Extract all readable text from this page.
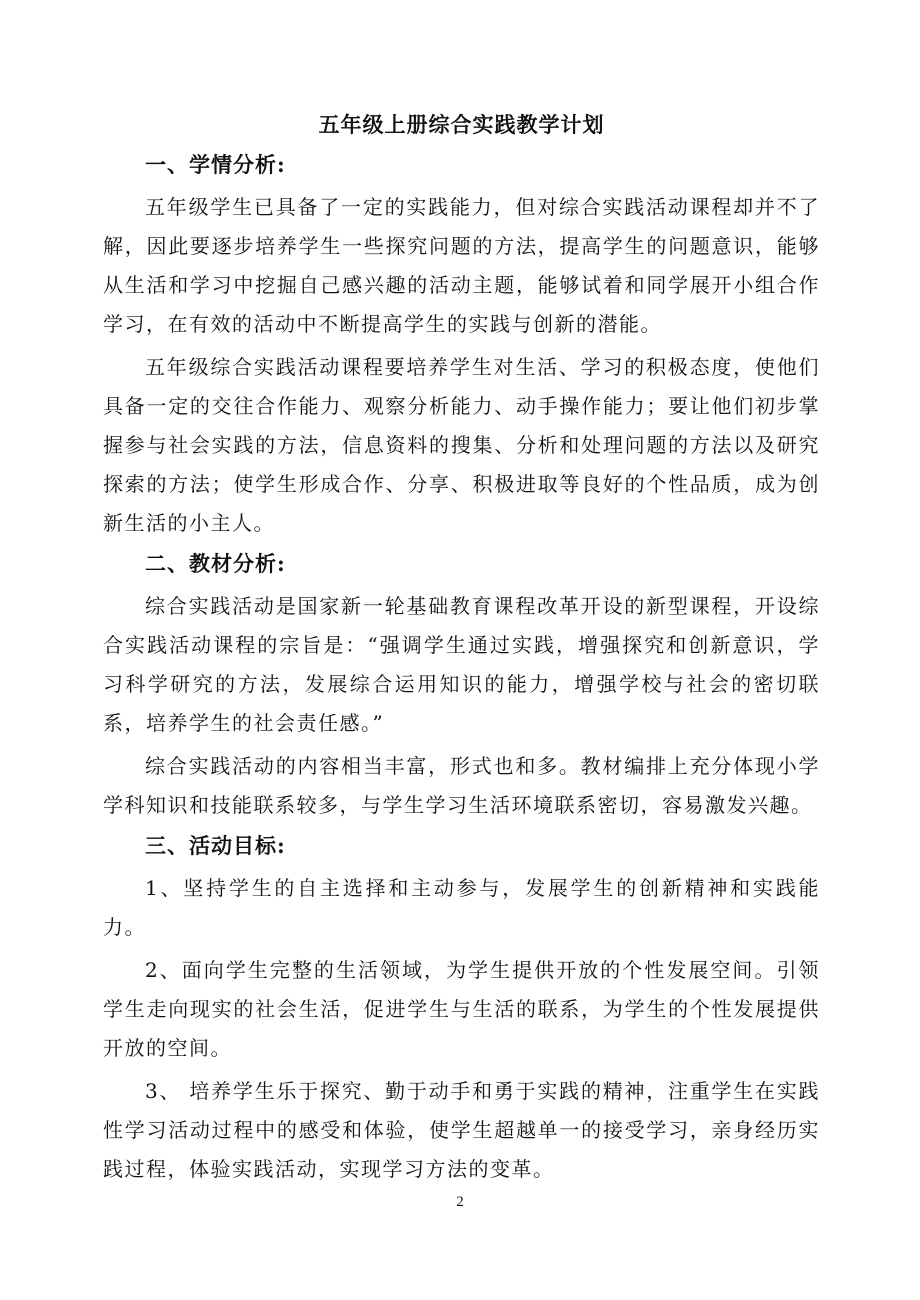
五年级上册综合实践教学计划
一、学情分析:

五年级学生已具备了一定的实践能力，但对综合实践活动课程却并不了解，因此要逐步培养学生一些探究问题的方法，提高学生的问题意识，能够从生活和学习中挖掘自己感兴趣的活动主题，能够试着和同学展开小组合作学习，在有效的活动中不断提高学生的实践与创新的潜能。

五年级综合实践活动课程要培养学生对生活、学习的积极态度，使他们具备一定的交往合作能力、观察分析能力、动手操作能力；要让他们初步掌握参与社会实践的方法，信息资料的搜集、分析和处理问题的方法以及研究探索的方法；使学生形成合作、分享、积极进取等良好的个性品质，成为创新生活的小主人。

二、教材分析:

综合实践活动是国家新一轮基础教育课程改革开设的新型课程，开设综合实践活动课程的宗旨是：“强调学生通过实践，增强探究和创新意识，学习科学研究的方法，发展综合运用知识的能力，增强学校与社会的密切联系，培养学生的社会责任感。”

综合实践活动的内容相当丰富，形式也和多。教材编排上充分体现小学学科知识和技能联系较多，与学生学习生活环境联系密切，容易激发兴趣。

三、活动目标:

1、坚持学生的自主选择和主动参与，发展学生的创新精神和实践能力。

2、面向学生完整的生活领域，为学生提供开放的个性发展空间。引领学生走向现实的社会生活，促进学生与生活的联系，为学生的个性发展提供开放的空间。

3、 培养学生乐于探究、勤于动手和勇于实践的精神，注重学生在实践性学习活动过程中的感受和体验，使学生超越单一的接受学习，亲身经历实践过程，体验实践活动，实现学习方法的变革。

2
